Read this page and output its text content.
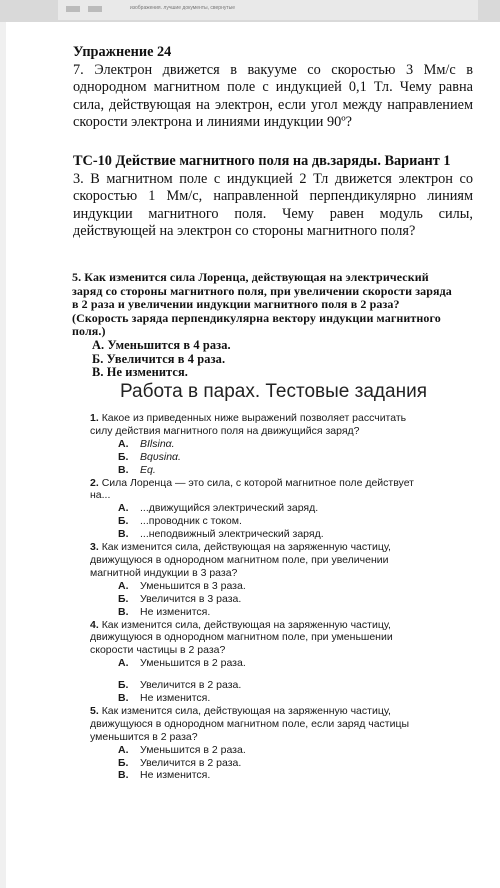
изображения. лучшие документы, свернутые
Упражнение 24

7. Электрон движется в вакууме со скоростью 3 Мм/с в однородном магнитном поле с индукцией 0,1 Тл. Чему равна сила, действующая на электрон, если угол между направлением скорости электрона и линиями индукции 90º?

ТС-10 Действие магнитного поля на дв.заряды. Вариант 1

3. В магнитном поле с индукцией 2 Тл движется электрон со скоростью 1 Мм/с, направленной перпендикулярно линиям индукции магнитного поля. Чему равен модуль силы, действующей на электрон со стороны магнитного поля?

5. Как изменится сила Лоренца, действующая на электрический заряд со стороны магнитного поля, при увеличении скорости заряда в 2 раза и увеличении индукции магнитного поля в 2 раза? (Скорость заряда перпендикулярна вектору индукции магнитного поля.)

А. Уменьшится в 4 раза.
Б. Увеличится в 4 раза.
В. Не изменится.
Работа в парах. Тестовые задания
1. Какое из приведенных ниже выражений позволяет рассчитать силу действия магнитного поля на движущийся заряд?
А. BIlsinα.
Б. Bqυsinα.
В. Eq.
2. Сила Лоренца — это сила, с которой магнитное поле действует на...
А. ...движущийся электрический заряд.
Б. ...проводник с током.
В. ...неподвижный электрический заряд.
3. Как изменится сила, действующая на заряженную частицу, движущуюся в однородном магнитном поле, при увеличении магнитной индукции в 3 раза?
А. Уменьшится в 3 раза.
Б. Увеличится в 3 раза.
В. Не изменится.
4. Как изменится сила, действующая на заряженную частицу, движущуюся в однородном магнитном поле, при уменьшении скорости частицы в 2 раза?
А. Уменьшится в 2 раза.
Б. Увеличится в 2 раза.
В. Не изменится.
5. Как изменится сила, действующая на заряженную частицу, движущуюся в однородном магнитном поле, если заряд частицы уменьшится в 2 раза?
А. Уменьшится в 2 раза.
Б. Увеличится в 2 раза.
В. Не изменится.
